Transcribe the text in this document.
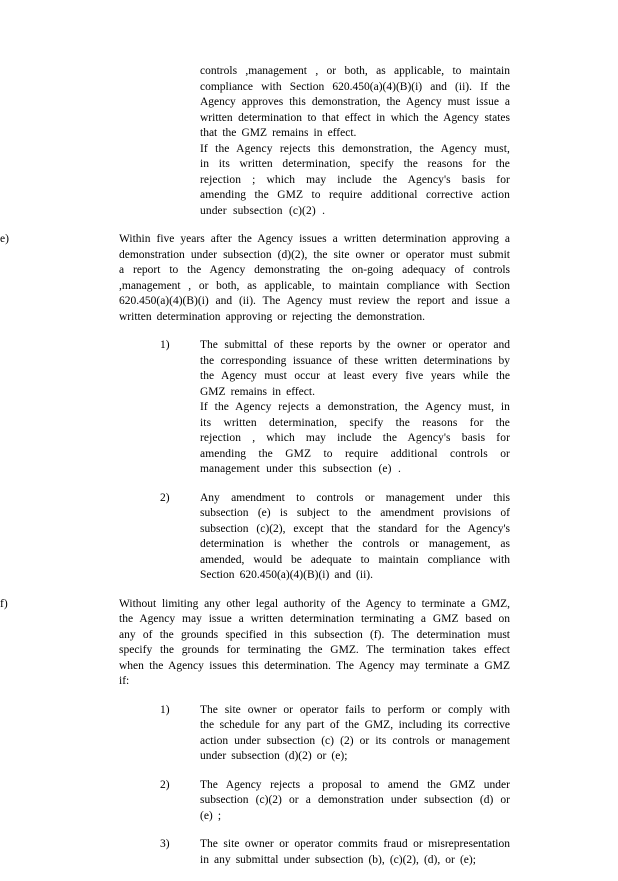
controls ,management , or both, as applicable, to maintain compliance with Section 620.450(a)(4)(B)(i) and (ii). If the Agency approves this demonstration, the Agency must issue a written determination to that effect in which the Agency states that the GMZ remains in effect.
If the Agency rejects this demonstration, the Agency must, in its written determination, specify the reasons for the rejection ; which may include the Agency's basis for amending the GMZ to require additional corrective action under subsection (c)(2) .
e)	Within five years after the Agency issues a written determination approving a demonstration under subsection (d)(2), the site owner or operator must submit a report to the Agency demonstrating the on-going adequacy of controls ,management , or both, as applicable, to maintain compliance with Section 620.450(a)(4)(B)(i) and (ii). The Agency must review the report and issue a written determination approving or rejecting the demonstration.
1)	The submittal of these reports by the owner or operator and the corresponding issuance of these written determinations by the Agency must occur at least every five years while the GMZ remains in effect.
If the Agency rejects a demonstration, the Agency must, in its written determination, specify the reasons for the rejection , which may include the Agency's basis for amending the GMZ to require additional controls or management under this subsection (e) .
2)	Any amendment to controls or management under this subsection (e) is subject to the amendment provisions of subsection (c)(2), except that the standard for the Agency's determination is whether the controls or management, as amended, would be adequate to maintain compliance with Section 620.450(a)(4)(B)(i) and (ii).
f)	Without limiting any other legal authority of the Agency to terminate a GMZ, the Agency may issue a written determination terminating a GMZ based on any of the grounds specified in this subsection (f). The determination must specify the grounds for terminating the GMZ. The termination takes effect when the Agency issues this determination. The Agency may terminate a GMZ if:
1)	The site owner or operator fails to perform or comply with the schedule for any part of the GMZ, including its corrective action under subsection (c) (2) or its controls or management under subsection (d)(2) or (e);
2)	The Agency rejects a proposal to amend the GMZ under subsection (c)(2) or a demonstration under subsection (d) or (e) ;
3)	The site owner or operator commits fraud or misrepresentation in any submittal under subsection (b), (c)(2), (d), or (e);
